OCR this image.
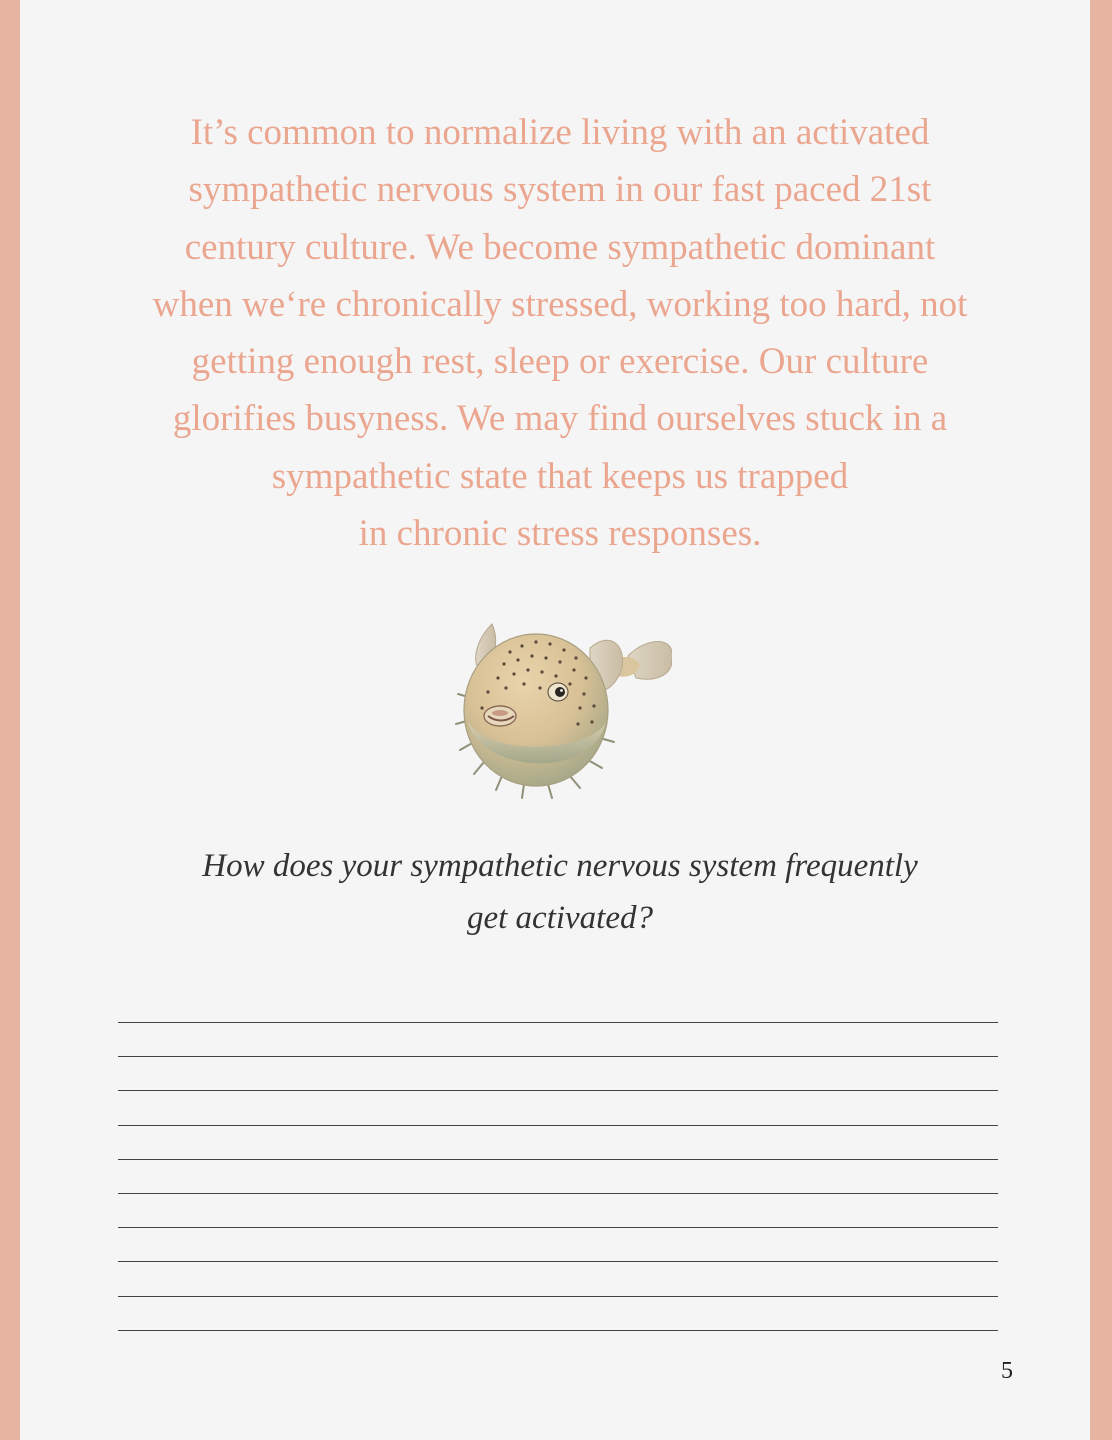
It’s common to normalize living with an activated
sympathetic nervous system in our fast paced 21st
century culture. We become sympathetic dominant
when we‘re chronically stressed, working too hard, not
getting enough rest, sleep or exercise. Our culture
glorifies busyness. We may find ourselves stuck in a
sympathetic state that keeps us trapped
in chronic stress responses.

How does your sympathetic nervous system frequently
get activated?

5
